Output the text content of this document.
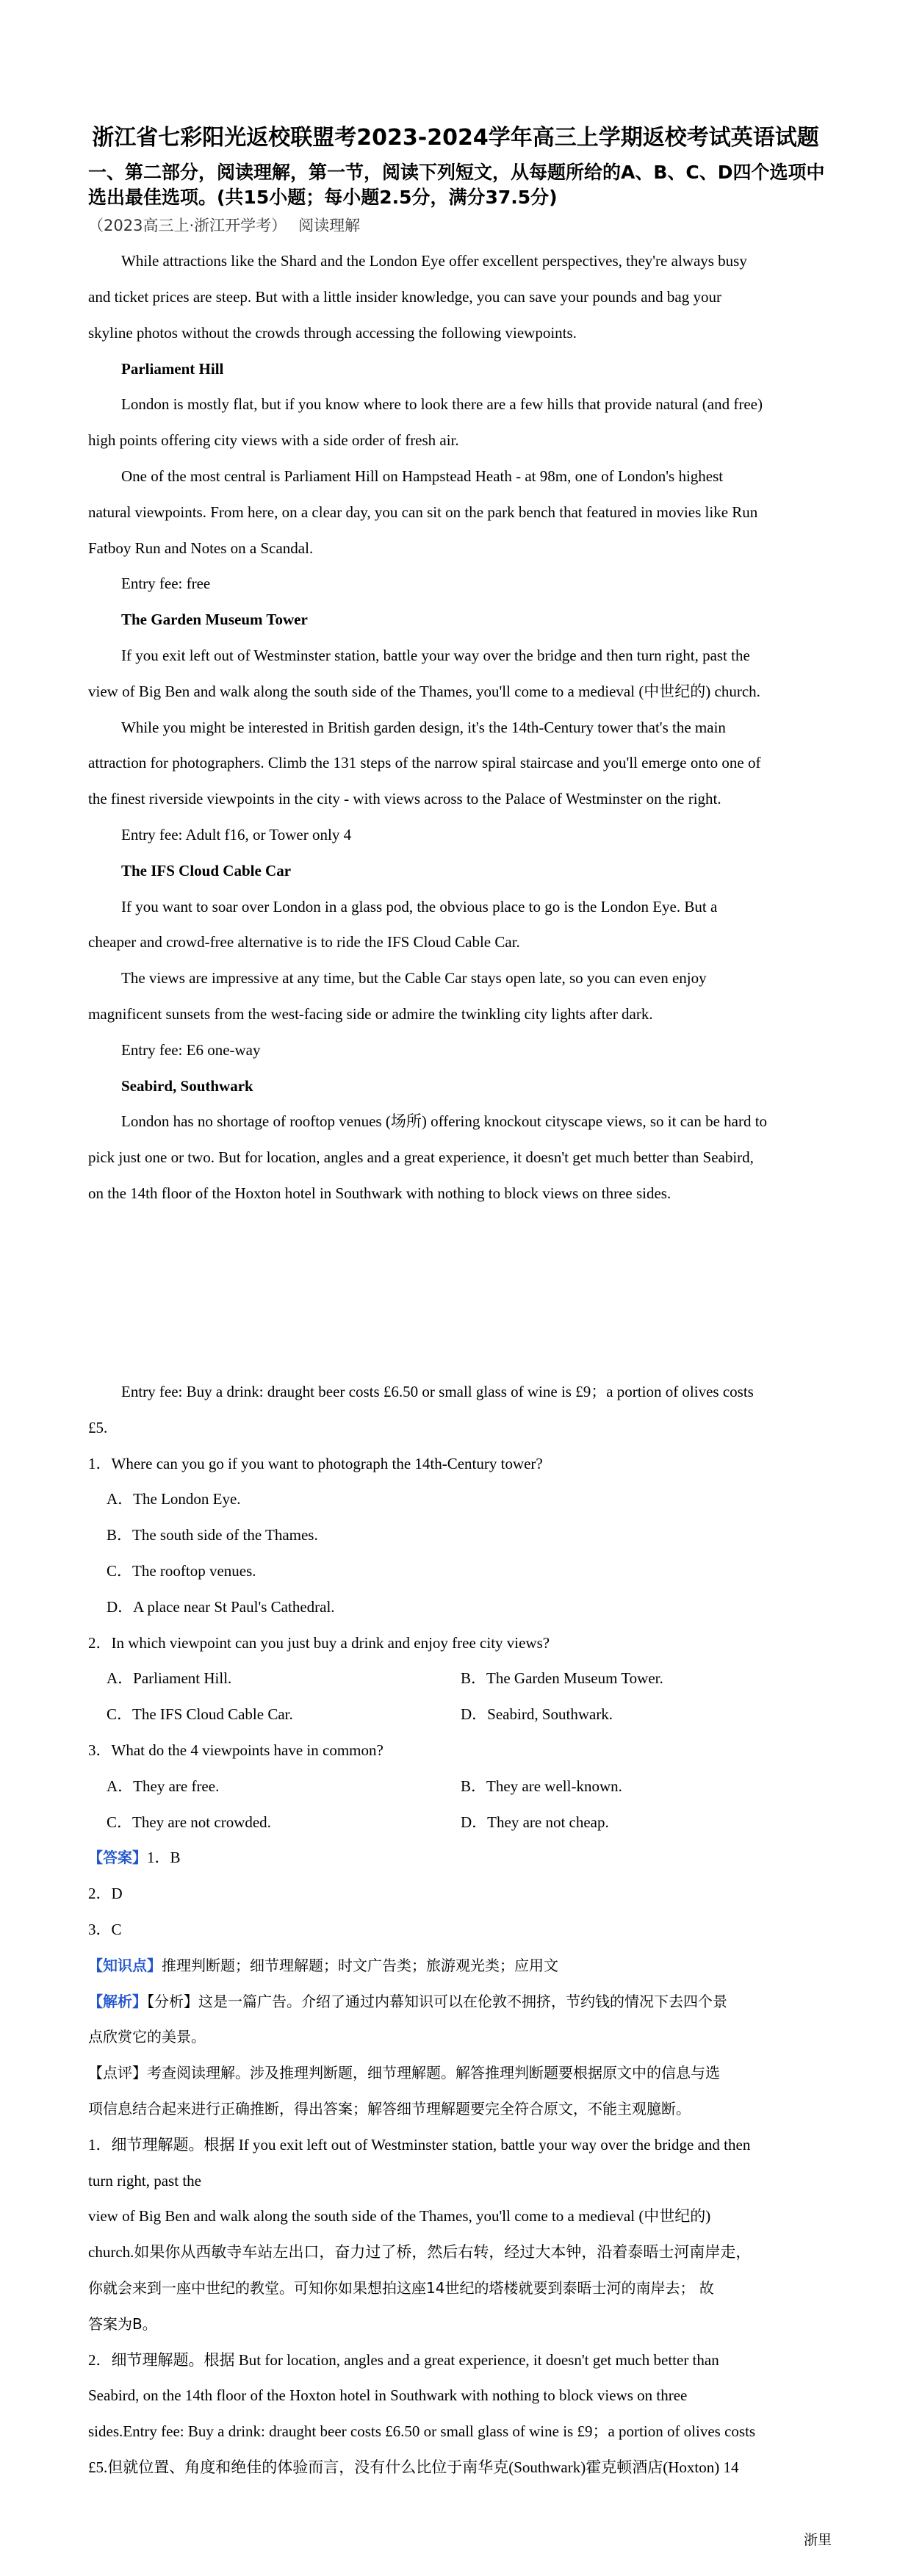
浙江省七彩阳光返校联盟考2023-2024学年高三上学期返校考试英语试题
一、第二部分，阅读理解，第一节，阅读下列短文，从每题所给的A、B、C、D四个选项中选出最佳选项。(共15小题；每小题2.5分，满分37.5分)
（2023高三上·浙江开学考） 阅读理解
While attractions like the Shard and the London Eye offer excellent perspectives, they're always busy
and ticket prices are steep. But with a little insider knowledge, you can save your pounds and bag your
skyline photos without the crowds through accessing the following viewpoints.
Parliament Hill
London is mostly flat, but if you know where to look there are a few hills that provide natural (and free)
high points offering city views with a side order of fresh air.
One of the most central is Parliament Hill on Hampstead Heath - at 98m, one of London's highest
natural viewpoints. From here, on a clear day, you can sit on the park bench that featured in movies like Run
Fatboy Run and Notes on a Scandal.
Entry fee: free
The Garden Museum Tower
If you exit left out of Westminster station, battle your way over the bridge and then turn right, past the
view of Big Ben and walk along the south side of the Thames, you'll come to a medieval (中世纪的) church.
While you might be interested in British garden design, it's the 14th-Century tower that's the main
attraction for photographers. Climb the 131 steps of the narrow spiral staircase and you'll emerge onto one of
the finest riverside viewpoints in the city - with views across to the Palace of Westminster on the right.
Entry fee: Adult f16, or Tower only 4
The IFS Cloud Cable Car
If you want to soar over London in a glass pod, the obvious place to go is the London Eye. But a
cheaper and crowd-free alternative is to ride the IFS Cloud Cable Car.
The views are impressive at any time, but the Cable Car stays open late, so you can even enjoy
magnificent sunsets from the west-facing side or admire the twinkling city lights after dark.
Entry fee: E6 one-way
Seabird, Southwark
London has no shortage of rooftop venues (场所) offering knockout cityscape views, so it can be hard to
pick just one or two. But for location, angles and a great experience, it doesn't get much better than Seabird,
on the 14th floor of the Hoxton hotel in Southwark with nothing to block views on three sides.
Entry fee: Buy a drink: draught beer costs £6.50 or small glass of wine is £9；a portion of olives costs
£5.
1．Where can you go if you want to photograph the 14th-Century tower?
A．The London Eye.
B．The south side of the Thames.
C．The rooftop venues.
D．A place near St Paul's Cathedral.
2．In which viewpoint can you just buy a drink and enjoy free city views?
A．Parliament Hill.	B．The Garden Museum Tower.
C．The IFS Cloud Cable Car.	D．Seabird, Southwark.
3．What do the 4 viewpoints have in common?
A．They are free.	B．They are well-known.
C．They are not crowded.	D．They are not cheap.
【答案】1．B
2．D
3．C
【知识点】推理判断题；细节理解题；时文广告类；旅游观光类；应用文
【解析】【分析】这是一篇广告。介绍了通过内幕知识可以在伦敦不拥挤，节约钱的情况下去四个景
点欣赏它的美景。
【点评】考查阅读理解。涉及推理判断题，细节理解题。解答推理判断题要根据原文中的信息与选
项信息结合起来进行正确推断，得出答案；解答细节理解题要完全符合原文，不能主观臆断。
1．细节理解题。根据 If you exit left out of Westminster station, battle your way over the bridge and then
turn right, past the
view of Big Ben and walk along the south side of the Thames, you'll come to a medieval (中世纪的)
church.如果你从西敏寺车站左出口，奋力过了桥，然后右转，经过大本钟，沿着泰晤士河南岸走，
你就会来到一座中世纪的教堂。可知你如果想拍这座14世纪的塔楼就要到泰晤士河的南岸去； 故
答案为B。
2．细节理解题。根据 But for location, angles and a great experience, it doesn't get much better than
Seabird, on the 14th floor of the Hoxton hotel in Southwark with nothing to block views on three
sides.Entry fee: Buy a drink: draught beer costs £6.50 or small glass of wine is £9；a portion of olives costs
£5.但就位置、角度和绝佳的体验而言，没有什么比位于南华克(Southwark)霍克顿酒店(Hoxton) 14
浙里
